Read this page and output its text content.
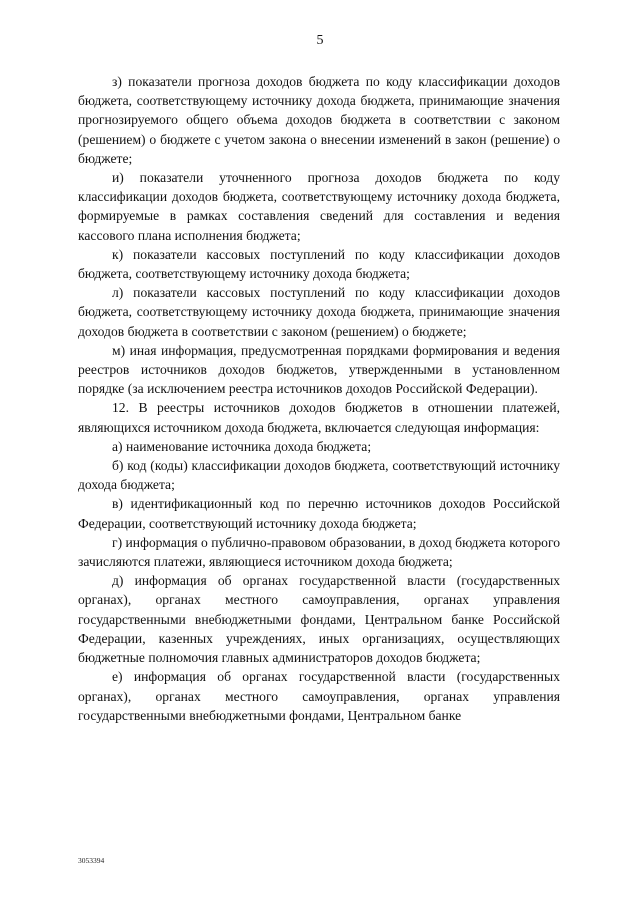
5

з) показатели прогноза доходов бюджета по коду классификации доходов бюджета, соответствующему источнику дохода бюджета, принимающие значения прогнозируемого общего объема доходов бюджета в соответствии с законом (решением) о бюджете с учетом закона о внесении изменений в закон (решение) о бюджете;

и) показатели уточненного прогноза доходов бюджета по коду классификации доходов бюджета, соответствующему источнику дохода бюджета, формируемые в рамках составления сведений для составления и ведения кассового плана исполнения бюджета;

к) показатели кассовых поступлений по коду классификации доходов бюджета, соответствующему источнику дохода бюджета;

л) показатели кассовых поступлений по коду классификации доходов бюджета, соответствующему источнику дохода бюджета, принимающие значения доходов бюджета в соответствии с законом (решением) о бюджете;

м) иная информация, предусмотренная порядками формирования и ведения реестров источников доходов бюджетов, утвержденными в установленном порядке (за исключением реестра источников доходов Российской Федерации).

12. В реестры источников доходов бюджетов в отношении платежей, являющихся источником дохода бюджета, включается следующая информация:

а) наименование источника дохода бюджета;

б) код (коды) классификации доходов бюджета, соответствующий источнику дохода бюджета;

в) идентификационный код по перечню источников доходов Российской Федерации, соответствующий источнику дохода бюджета;

г) информация о публично-правовом образовании, в доход бюджета которого зачисляются платежи, являющиеся источником дохода бюджета;

д) информация об органах государственной власти (государственных органах), органах местного самоуправления, органах управления государственными внебюджетными фондами, Центральном банке Российской Федерации, казенных учреждениях, иных организациях, осуществляющих бюджетные полномочия главных администраторов доходов бюджета;

е) информация об органах государственной власти (государственных органах), органах местного самоуправления, органах управления государственными внебюджетными фондами, Центральном банке

3053394
